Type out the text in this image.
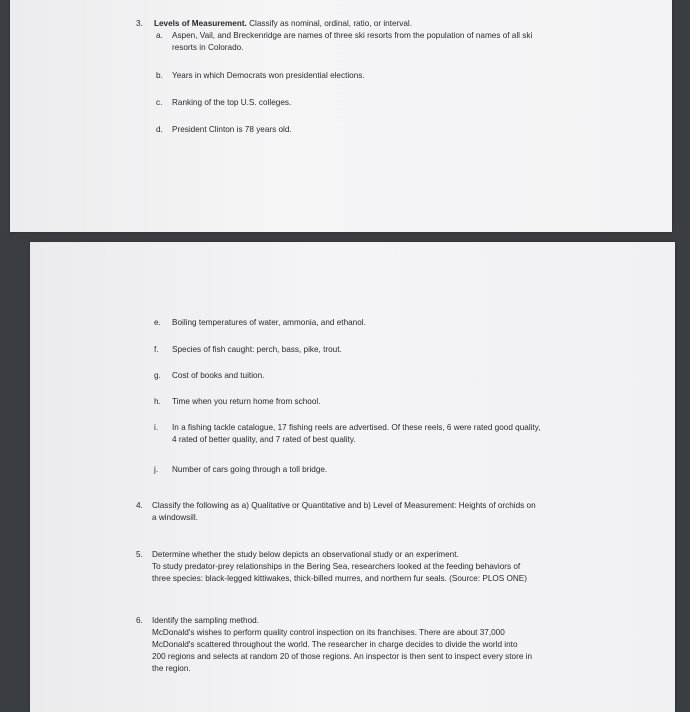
3. Levels of Measurement. Classify as nominal, ordinal, ratio, or interval.
a. Aspen, Vail, and Breckenridge are names of three ski resorts from the population of names of all ski
resorts in Colorado.
b. Years in which Democrats won presidential elections.
c. Ranking of the top U.S. colleges.
d. President Clinton is 78 years old.
e. Boiling temperatures of water, ammonia, and ethanol.
f. Species of fish caught: perch, bass, pike, trout.
g. Cost of books and tuition.
h. Time when you return home from school.
i. In a fishing tackle catalogue, 17 fishing reels are advertised. Of these reels, 6 were rated good quality,
4 rated of better quality, and 7 rated of best quality.
j. Number of cars going through a toll bridge.
4. Classify the following as a) Qualitative or Quantitative and b) Level of Measurement: Heights of orchids on
a windowsill.
5. Determine whether the study below depicts an observational study or an experiment.
To study predator-prey relationships in the Bering Sea, researchers looked at the feeding behaviors of
three species: black-legged kittiwakes, thick-billed murres, and northern fur seals. (Source: PLOS ONE)
6. Identify the sampling method.
McDonald's wishes to perform quality control inspection on its franchises. There are about 37,000
McDonald's scattered throughout the world. The researcher in charge decides to divide the world into
200 regions and selects at random 20 of those regions. An inspector is then sent to inspect every store in
the region.
